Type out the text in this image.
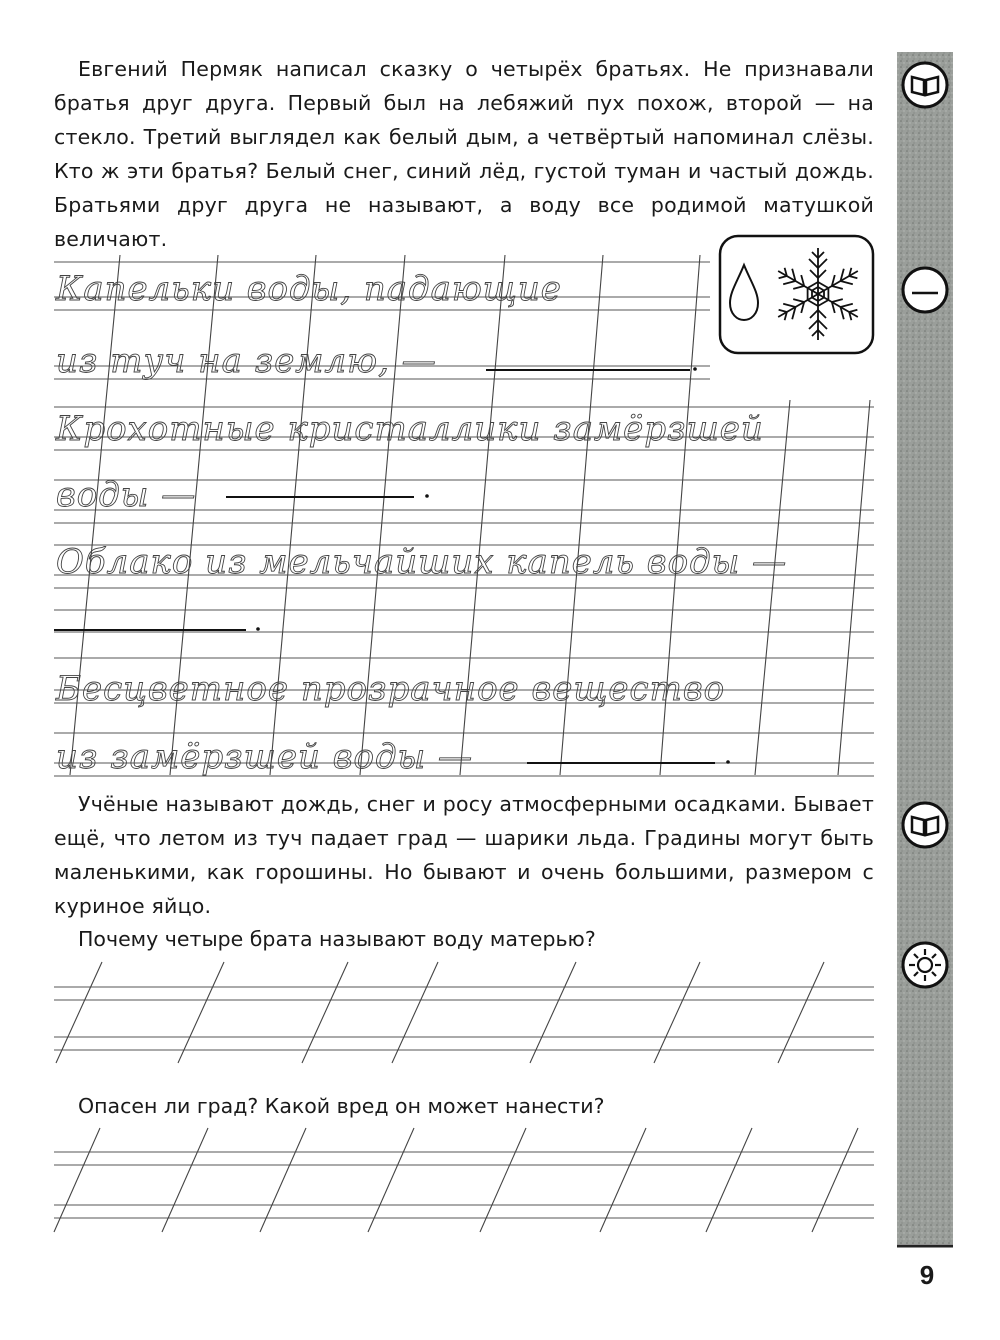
Капельки воды, падающие
из туч на землю, —
Крохотные кристаллики замёрзшей
воды —
Облако из мельчайших капель воды —
Бесцветное прозрачное вещество
из замёрзшей воды —

Евгений Пермяк написал сказку о четырёх братьях. Не признавали братья друг друга. Первый был на лебяжий пух похож, второй — на стекло. Третий выглядел как белый дым, а четвёртый напоминал слёзы. Кто ж эти братья? Белый снег, синий лёд, густой туман и частый дождь. Братьями друг друга не называют, а воду все родимой матушкой величают.

Учёные называют дождь, снег и росу атмосферными осадками. Бывает ещё, что летом из туч падает град — шарики льда. Градины могут быть маленькими, как горошины. Но бывают и очень большими, размером с куриное яйцо.

Почему четыре брата называют воду матерью?

Опасен ли град? Какой вред он может нанести?

9
